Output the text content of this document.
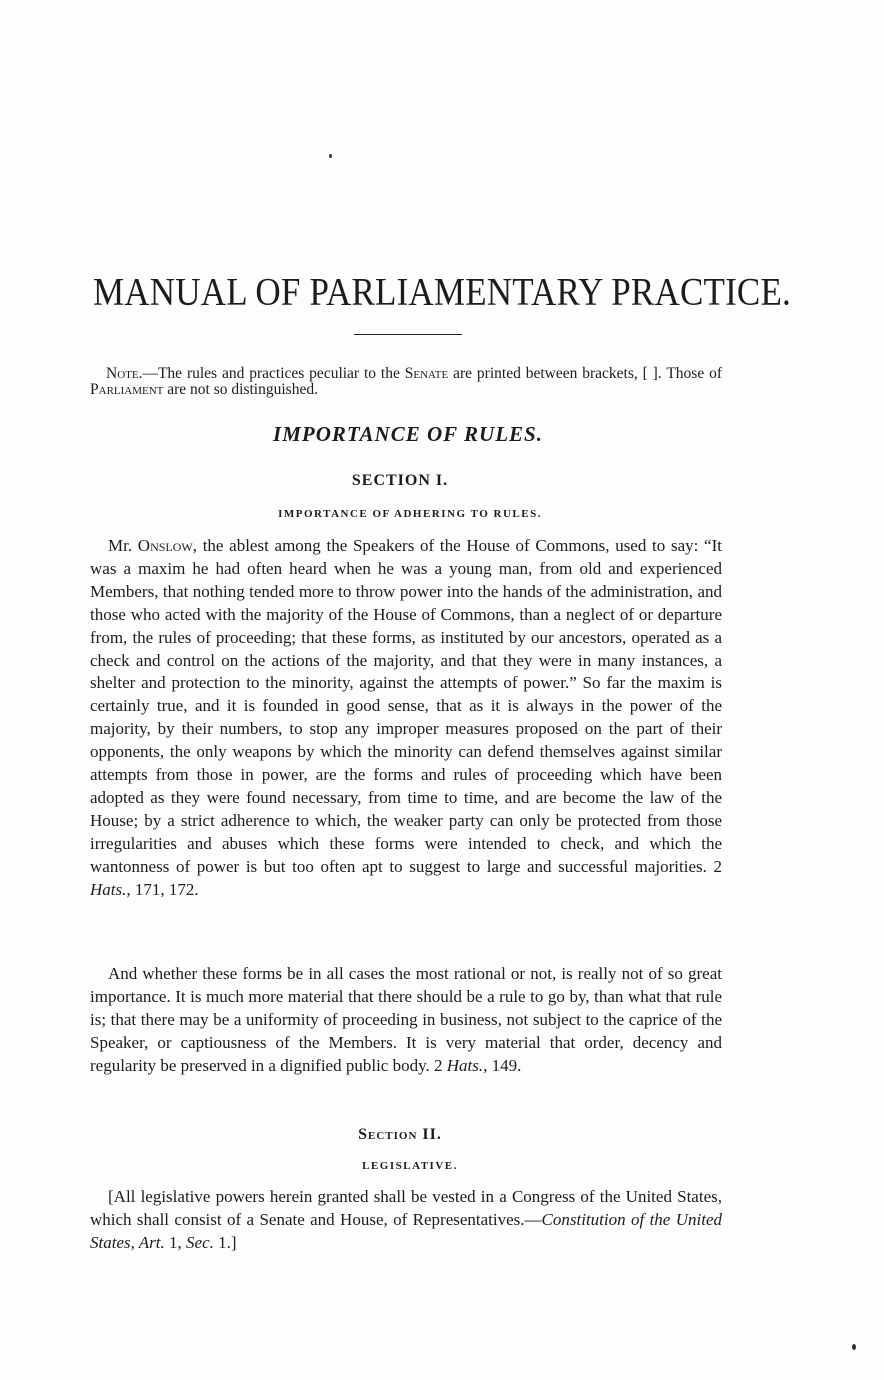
MANUAL OF PARLIAMENTARY PRACTICE.

Note.—The rules and practices peculiar to the Senate are printed between brackets, [ ]. Those of Parliament are not so distinguished.

IMPORTANCE OF RULES.
SECTION I.
IMPORTANCE OF ADHERING TO RULES.

Mr. Onslow, the ablest among the Speakers of the House of Commons, used to say: “It was a maxim he had often heard when he was a young man, from old and experienced Members, that nothing tended more to throw power into the hands of the administration, and those who acted with the majority of the House of Commons, than a neglect of or departure from, the rules of proceeding; that these forms, as instituted by our ancestors, operated as a check and control on the actions of the majority, and that they were in many instances, a shelter and protection to the minority, against the attempts of power.” So far the maxim is certainly true, and it is founded in good sense, that as it is always in the power of the majority, by their numbers, to stop any improper measures proposed on the part of their opponents, the only weapons by which the minority can defend themselves against similar attempts from those in power, are the forms and rules of proceeding which have been adopted as they were found necessary, from time to time, and are become the law of the House; by a strict adherence to which, the weaker party can only be protected from those irregularities and abuses which these forms were intended to check, and which the wantonness of power is but too often apt to suggest to large and successful majorities. 2 Hats., 171, 172.

And whether these forms be in all cases the most rational or not, is really not of so great importance. It is much more material that there should be a rule to go by, than what that rule is; that there may be a uniformity of proceeding in business, not subject to the caprice of the Speaker, or captiousness of the Members. It is very material that order, decency and regularity be preserved in a dignified public body. 2 Hats., 149.

Section II.
LEGISLATIVE.

[All legislative powers herein granted shall be vested in a Congress of the United States, which shall consist of a Senate and House, of Representatives.—Constitution of the United States, Art. 1, Sec. 1.]
